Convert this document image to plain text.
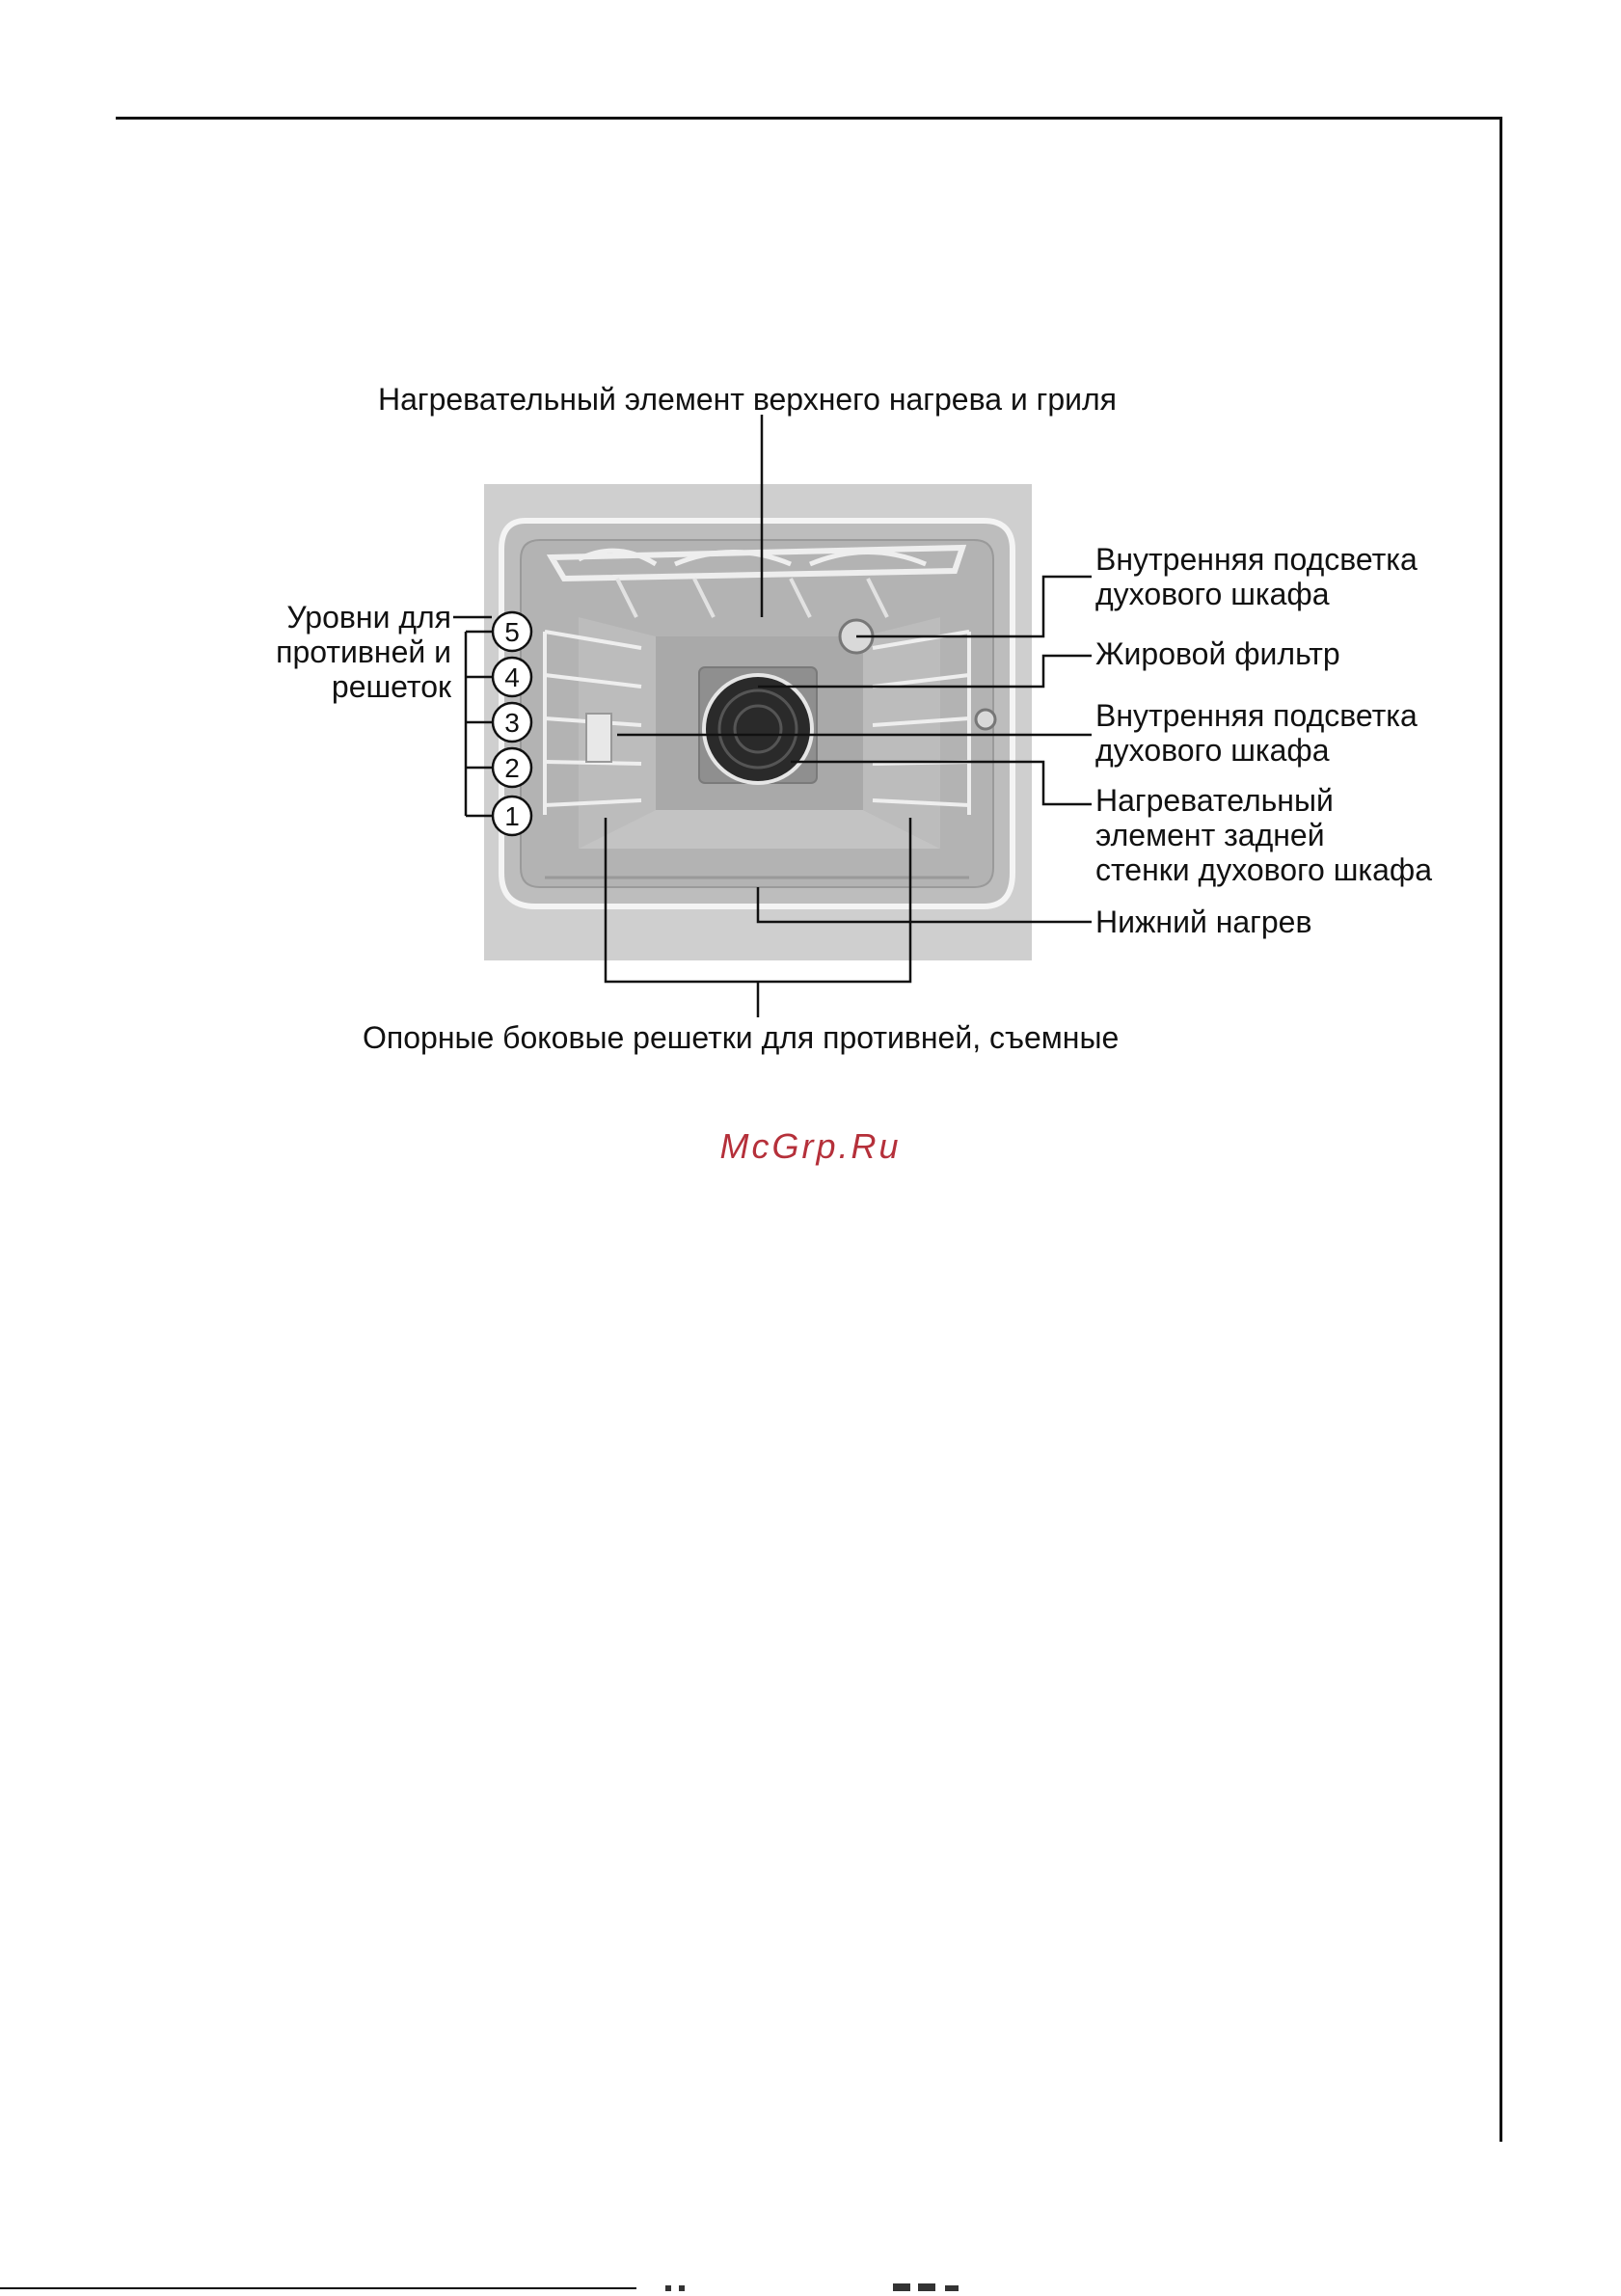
5
4
3
2
1
Нагревательный элемент верхнего нагрева и гриля
Уровни для
противней и
решеток
Внутренняя подсветка
духового шкафа
Жировой фильтр
Внутренняя подсветка
духового шкафа
Нагревательный
элемент задней
стенки духового шкафа
Нижний нагрев
Опорные боковые решетки для противней, съемные
McGrp.Ru
